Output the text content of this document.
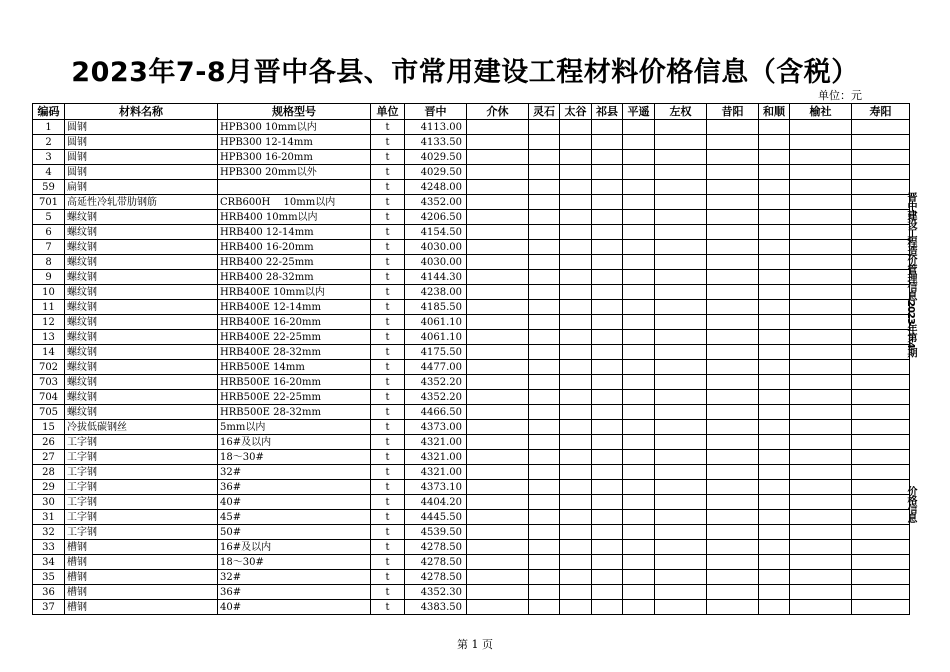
2023年7-8月晋中各县、市常用建设工程材料价格信息（含税）
单位：元
编码	材料名称	规格型号	单位	晋中	介休	灵石	太谷	祁县	平遥	左权	昔阳	和顺	榆社	寿阳
1	圆钢	HPB300 10mm以内	t	4113.00										
2	圆钢	HPB300 12-14mm	t	4133.50										
3	圆钢	HPB300 16-20mm	t	4029.50										
4	圆钢	HPB300 20mm以外	t	4029.50										
59	扁钢		t	4248.00										
701	高延性冷轧带肋钢筋	CRB600H　 10mm以内	t	4352.00										
5	螺纹钢	HRB400 10mm以内	t	4206.50										
6	螺纹钢	HRB400 12-14mm	t	4154.50										
7	螺纹钢	HRB400 16-20mm	t	4030.00										
8	螺纹钢	HRB400 22-25mm	t	4030.00										
9	螺纹钢	HRB400 28-32mm	t	4144.30										
10	螺纹钢	HRB400E 10mm以内	t	4238.00										
11	螺纹钢	HRB400E 12-14mm	t	4185.50										
12	螺纹钢	HRB400E 16-20mm	t	4061.10										
13	螺纹钢	HRB400E 22-25mm	t	4061.10										
14	螺纹钢	HRB400E 28-32mm	t	4175.50										
702	螺纹钢	HRB500E 14mm	t	4477.00										
703	螺纹钢	HRB500E 16-20mm	t	4352.20										
704	螺纹钢	HRB500E 22-25mm	t	4352.20										
705	螺纹钢	HRB500E 28-32mm	t	4466.50										
15	冷拔低碳钢丝	5mm以内	t	4373.00										
26	工字钢	16#及以内	t	4321.00										
27	工字钢	18～30#	t	4321.00										
28	工字钢	32#	t	4321.00										
29	工字钢	36#	t	4373.10										
30	工字钢	40#	t	4404.20										
31	工字钢	45#	t	4445.50										
32	工字钢	50#	t	4539.50										
33	槽钢	16#及以内	t	4278.50										
34	槽钢	18～30#	t	4278.50										
35	槽钢	32#	t	4278.50										
36	槽钢	36#	t	4352.30										
37	槽钢	40#	t	4383.50										
晋中建设工程造价管理信息2023年第4期
价格信息
第 1 页
